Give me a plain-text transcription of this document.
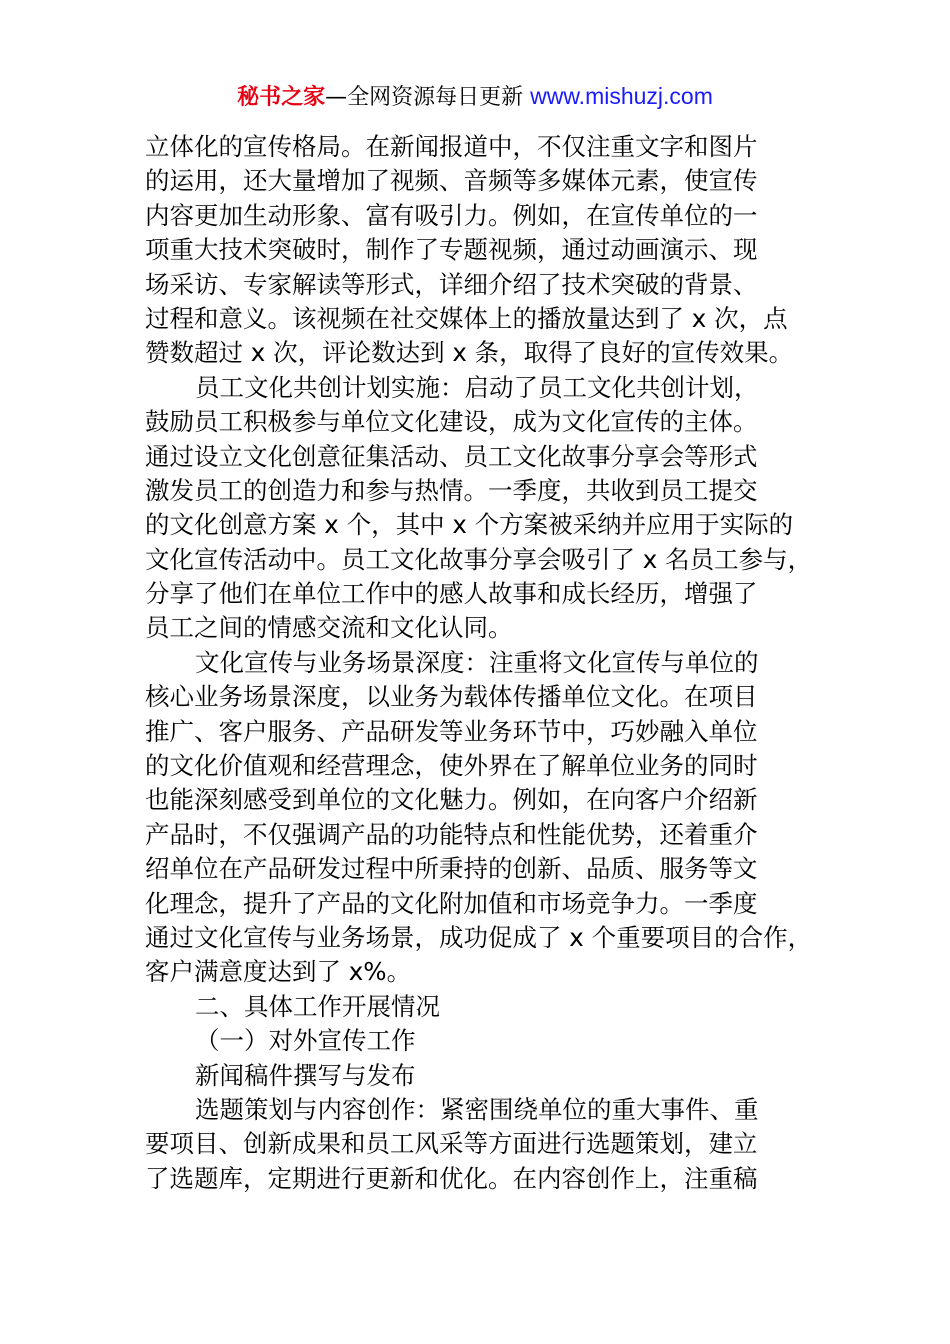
秘书之家—全网资源每日更新 www.mishuzj.com
立体化的宣传格局。在新闻报道中，不仅注重文字和图片
的运用，还大量增加了视频、音频等多媒体元素，使宣传
内容更加生动形象、富有吸引力。例如，在宣传单位的一
项重大技术突破时，制作了专题视频，通过动画演示、现
场采访、专家解读等形式，详细介绍了技术突破的背景、
过程和意义。该视频在社交媒体上的播放量达到了 x 次，点
赞数超过 x 次，评论数达到 x 条，取得了良好的宣传效果。
员工文化共创计划实施：启动了员工文化共创计划，
鼓励员工积极参与单位文化建设，成为文化宣传的主体。
通过设立文化创意征集活动、员工文化故事分享会等形式
激发员工的创造力和参与热情。一季度，共收到员工提交
的文化创意方案 x 个，其中 x 个方案被采纳并应用于实际的
文化宣传活动中。员工文化故事分享会吸引了 x 名员工参与，
分享了他们在单位工作中的感人故事和成长经历，增强了
员工之间的情感交流和文化认同。
文化宣传与业务场景深度：注重将文化宣传与单位的
核心业务场景深度，以业务为载体传播单位文化。在项目
推广、客户服务、产品研发等业务环节中，巧妙融入单位
的文化价值观和经营理念，使外界在了解单位业务的同时
也能深刻感受到单位的文化魅力。例如，在向客户介绍新
产品时，不仅强调产品的功能特点和性能优势，还着重介
绍单位在产品研发过程中所秉持的创新、品质、服务等文
化理念，提升了产品的文化附加值和市场竞争力。一季度
通过文化宣传与业务场景，成功促成了 x 个重要项目的合作，
客户满意度达到了 x%。
二、具体工作开展情况
（一）对外宣传工作
新闻稿件撰写与发布
选题策划与内容创作：紧密围绕单位的重大事件、重
要项目、创新成果和员工风采等方面进行选题策划，建立
了选题库，定期进行更新和优化。在内容创作上，注重稿
